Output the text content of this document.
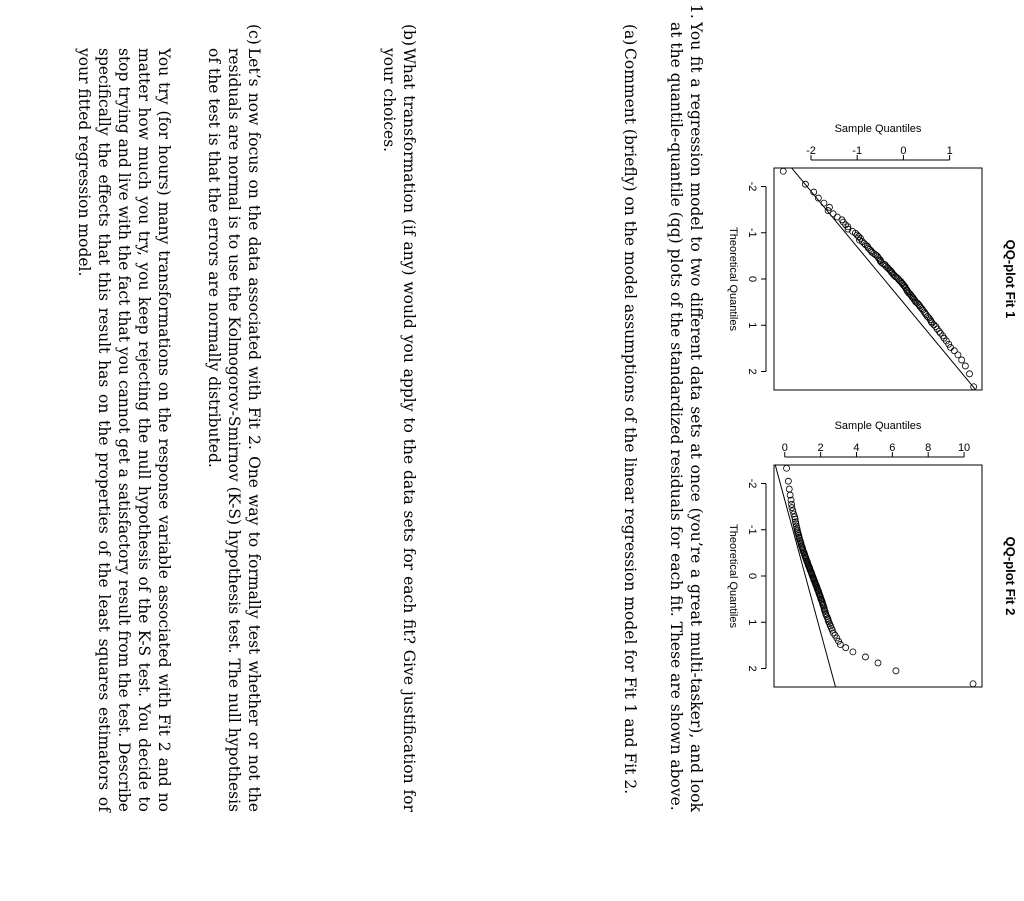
QQ-plot Fit 1
-2
-1
0
1
2
Theoretical Quantiles
-2	-1	0	1
Sample Quantiles
QQ-plot Fit 2
-2
-1
0
1
2
Theoretical Quantiles
0	2	4	6	8 10
Sample Quantiles
1.
You fit a regression model to two different data sets at once (you’re a great multi-tasker), and look at the quantile-quantile (qq) plots of the standardized residuals for each fit. These are shown above.
(a)
Comment (briefly) on the model assumptions of the linear regression model for Fit 1 and Fit 2.
(b)
What transformation (if any) would you apply to the data sets for each fit? Give justification for your choices.
(c)
Let’s now focus on the data associated with Fit 2. One way to formally test whether or not the residuals are normal is to use the Kolmogorov-Smirnov (K-S) hypothesis test. The null hypothesis of the test is that the errors are normally distributed.
You try (for hours) many transformations on the response variable associated with Fit 2 and no matter how much you try, you keep rejecting the null hypothesis of the K-S test. You decide to stop trying and live with the fact that you cannot get a satisfactory result from the test. Describe specifically the effects that this result has on the properties of the least squares estimators of your fitted regression model.
